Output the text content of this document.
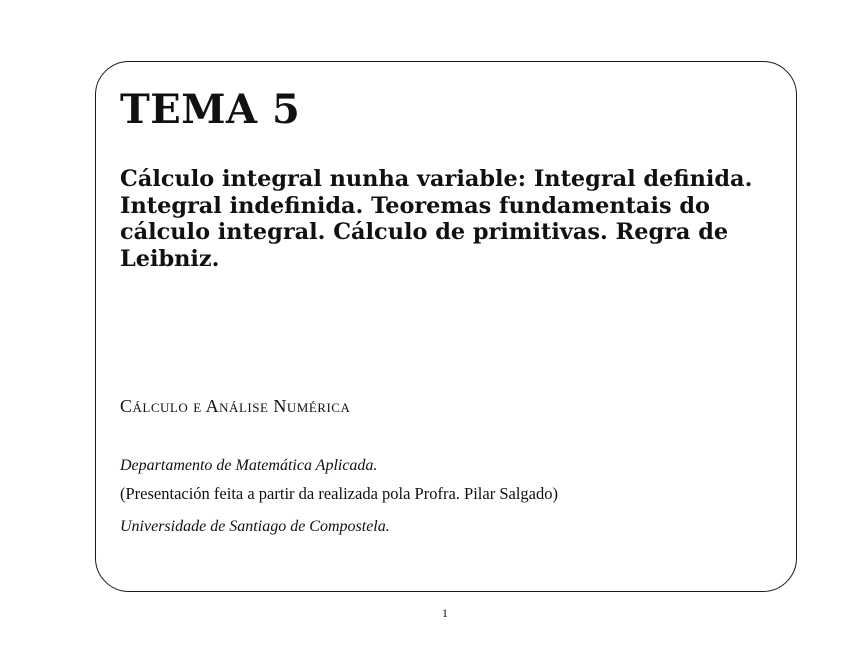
TEMA 5
Cálculo integral nunha variable: Integral definida.
Integral indefinida. Teoremas fundamentais do
cálculo integral. Cálculo de primitivas. Regra de
Leibniz.

Cálculo e Análise Numérica

Departamento de Matemática Aplicada.

(Presentación feita a partir da realizada pola Profra. Pilar Salgado)

Universidade de Santiago de Compostela.

1
